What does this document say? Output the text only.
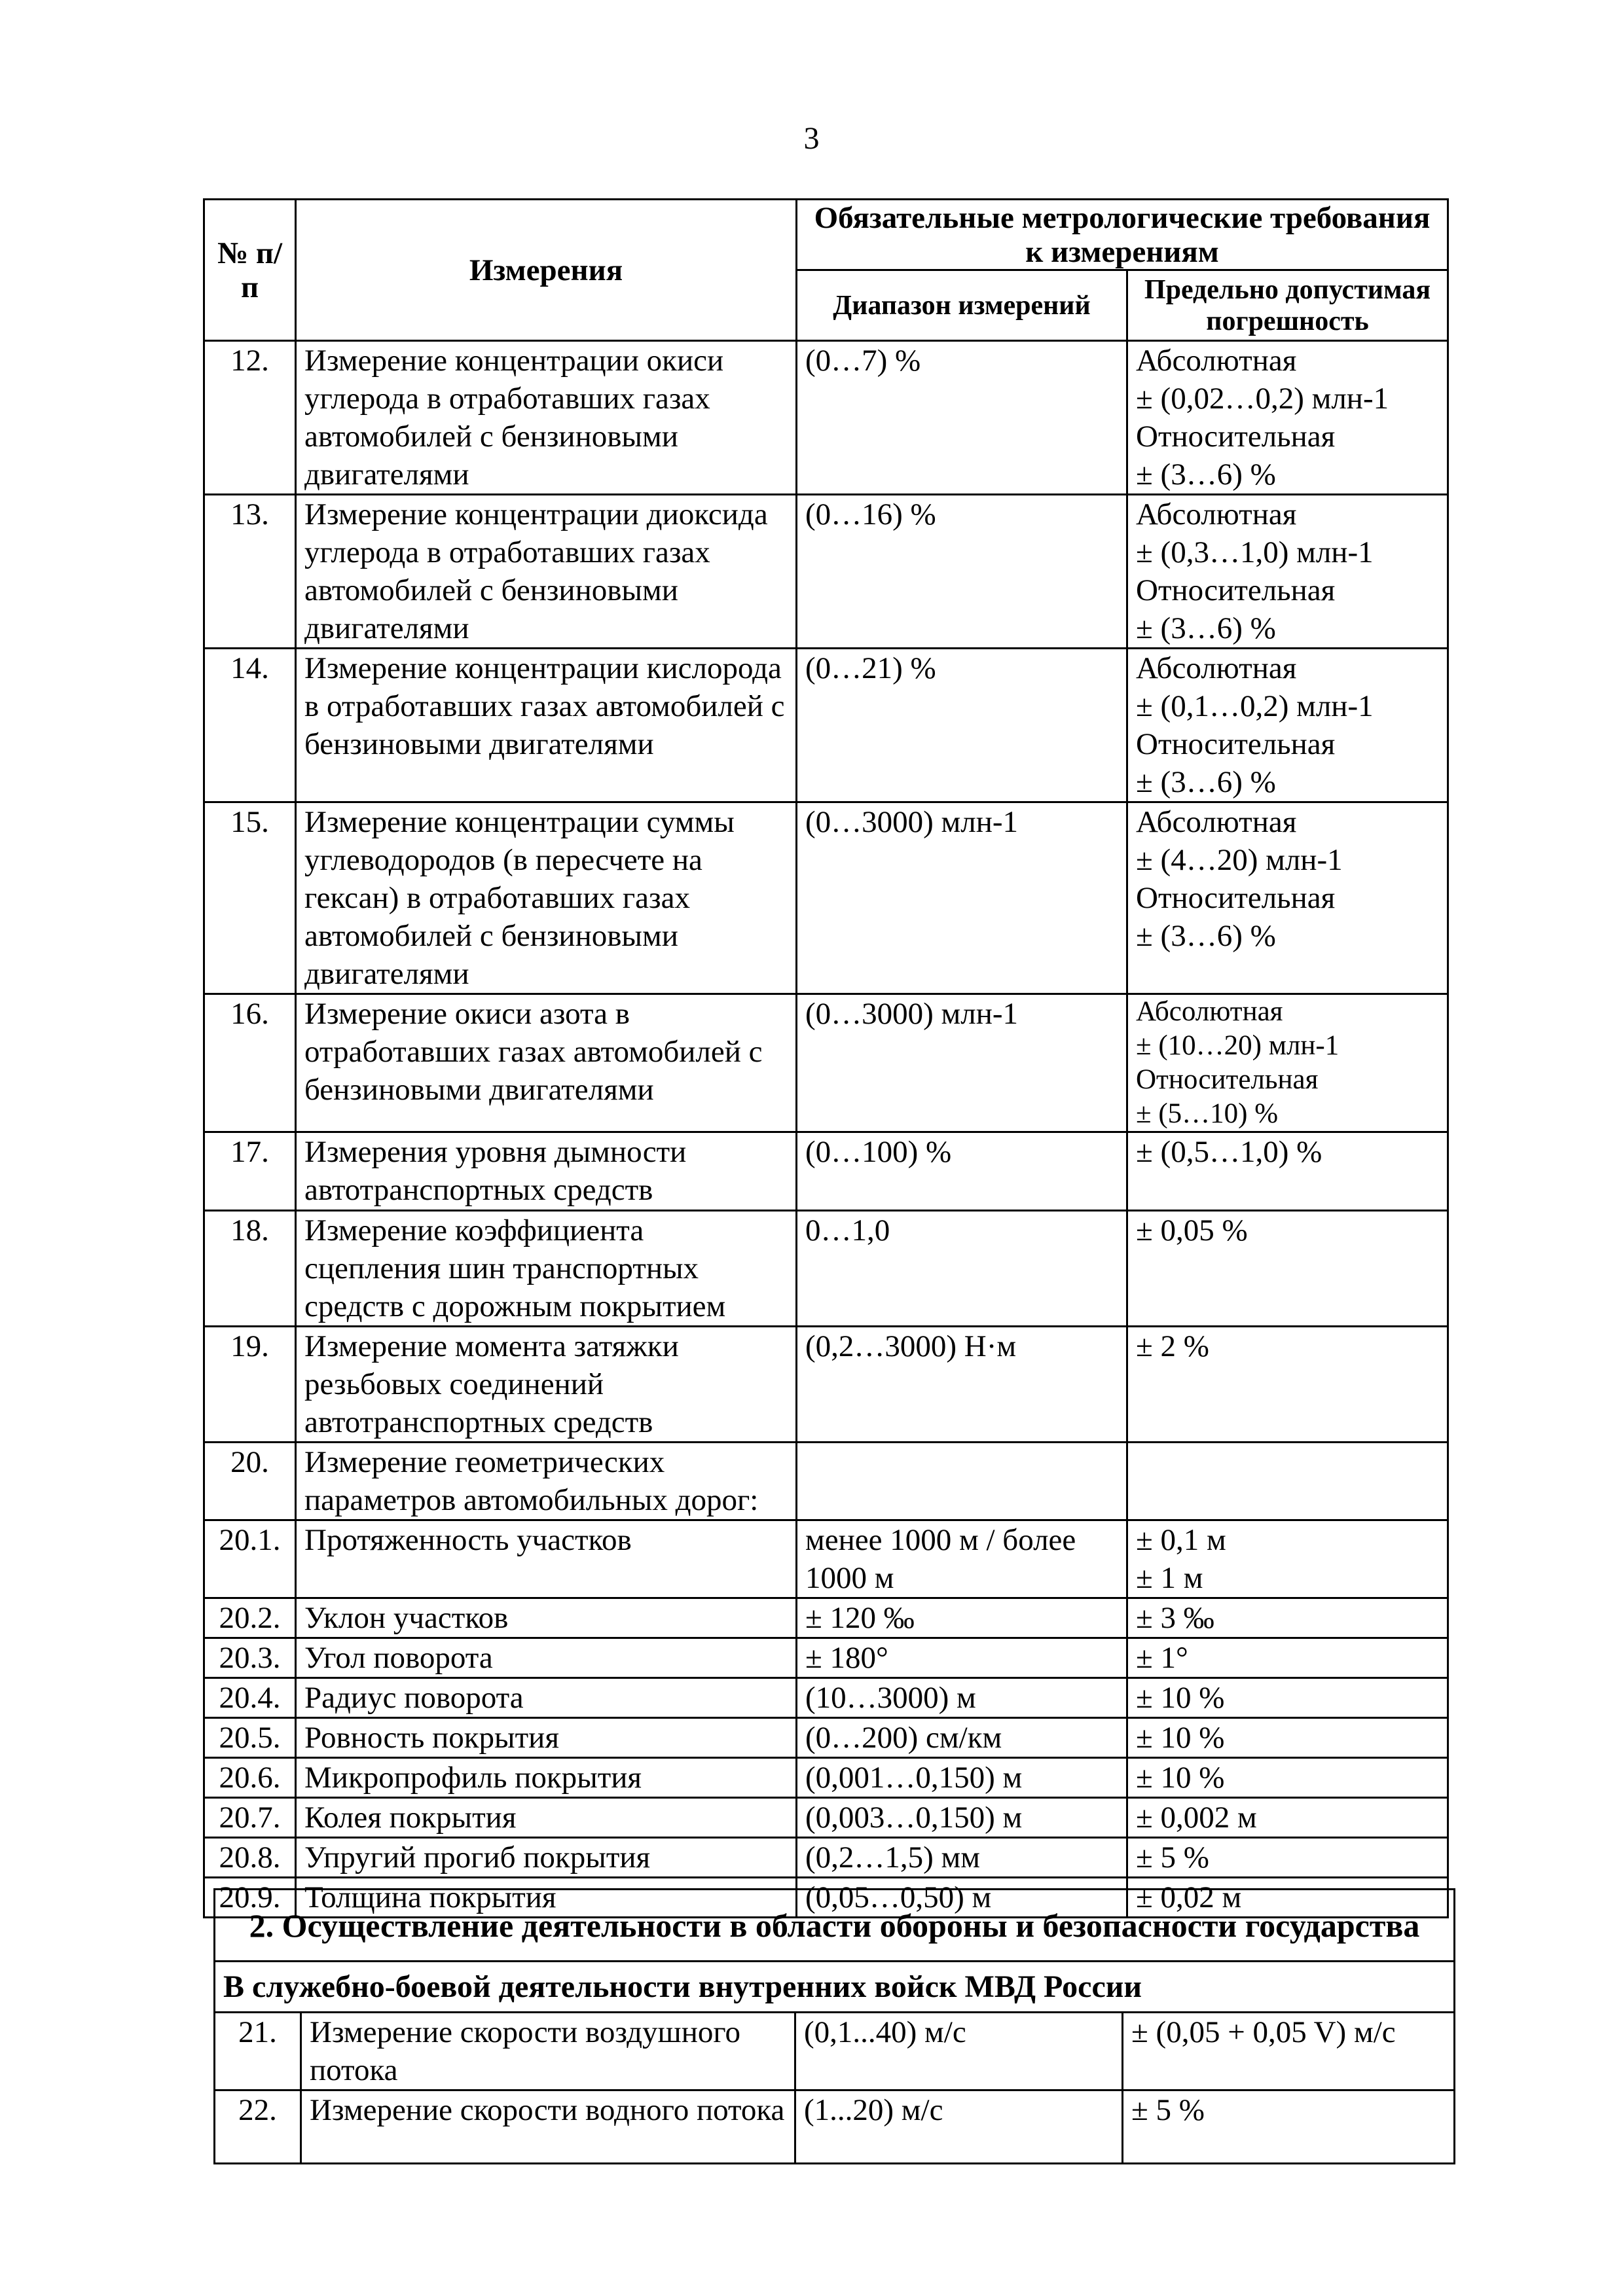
3
№ п/п	Измерения	Обязательные метрологические требования к измерениям	
		Диапазон измерений	Предельно допустимая погрешность
12.	Измерение концентрации окиси углерода в отработавших газах автомобилей с бензиновыми двигателями	(0…7) %	Абсолютная
± (0,02…0,2) млн-1
Относительная
± (3…6) %

13.	Измерение концентрации диоксида углерода в отработавших газах автомобилей с бензиновыми двигателями	(0…16) %	Абсолютная
± (0,3…1,0) млн-1
Относительная
± (3…6) %

14.	Измерение концентрации кислорода в отработавших газах автомобилей с бензиновыми двигателями	(0…21) %	Абсолютная
± (0,1…0,2) млн-1
Относительная
± (3…6) %

15.	Измерение концентрации суммы углеводородов (в пересчете на гексан) в отработавших газах автомобилей с бензиновыми двигателями	(0…3000) млн-1	Абсолютная
± (4…20) млн-1
Относительная
± (3…6) %

16.	Измерение окиси азота в отработавших газах автомобилей с бензиновыми двигателями	(0…3000) млн-1	Абсолютная
± (10…20) млн-1
Относительная
± (5…10) %

17.	Измерения уровня дымности автотранспортных средств	(0…100) %	± (0,5…1,0) %

18.	Измерение коэффициента сцепления шин транспортных средств с дорожным покрытием	0…1,0	± 0,05 %

19.	Измерение момента затяжки резьбовых соединений автотранспортных средств	(0,2…3000) Н·м	± 2 %

20.	Измерение геометрических параметров автомобильных дорог:		

20.1.	Протяженность участков	менее 1000 м / более 1000 м	± 0,1 м
± 1 м

20.2.	Уклон участков	± 120 ‰	± 3 ‰

20.3.	Угол поворота	± 180°	± 1°

20.4.	Радиус поворота	(10…3000) м	± 10 %

20.5.	Ровность покрытия	(0…200) см/км	± 10 %

20.6.	Микропрофиль покрытия	(0,001…0,150) м	± 10 %

20.7.	Колея покрытия	(0,003…0,150) м	± 0,002 м

20.8.	Упругий прогиб покрытия	(0,2…1,5) мм	± 5 %

20.9.	Толщина покрытия	(0,05…0,50) м	± 0,02 м
2. Осуществление деятельности в области обороны и безопасности государства			
В служебно-боевой деятельности внутренних войск МВД России			
21.	Измерение скорости воздушного потока	(0,1...40) м/с	± (0,05 + 0,05 V) м/с
22.	Измерение скорости водного потока	(1...20) м/с	± 5 %
